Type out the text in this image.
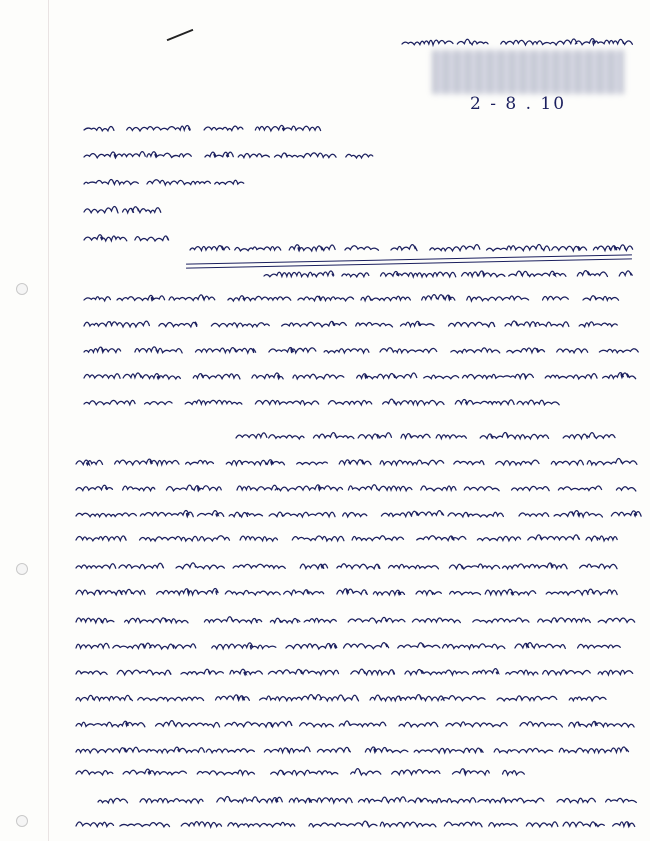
2 - 8 . 10
